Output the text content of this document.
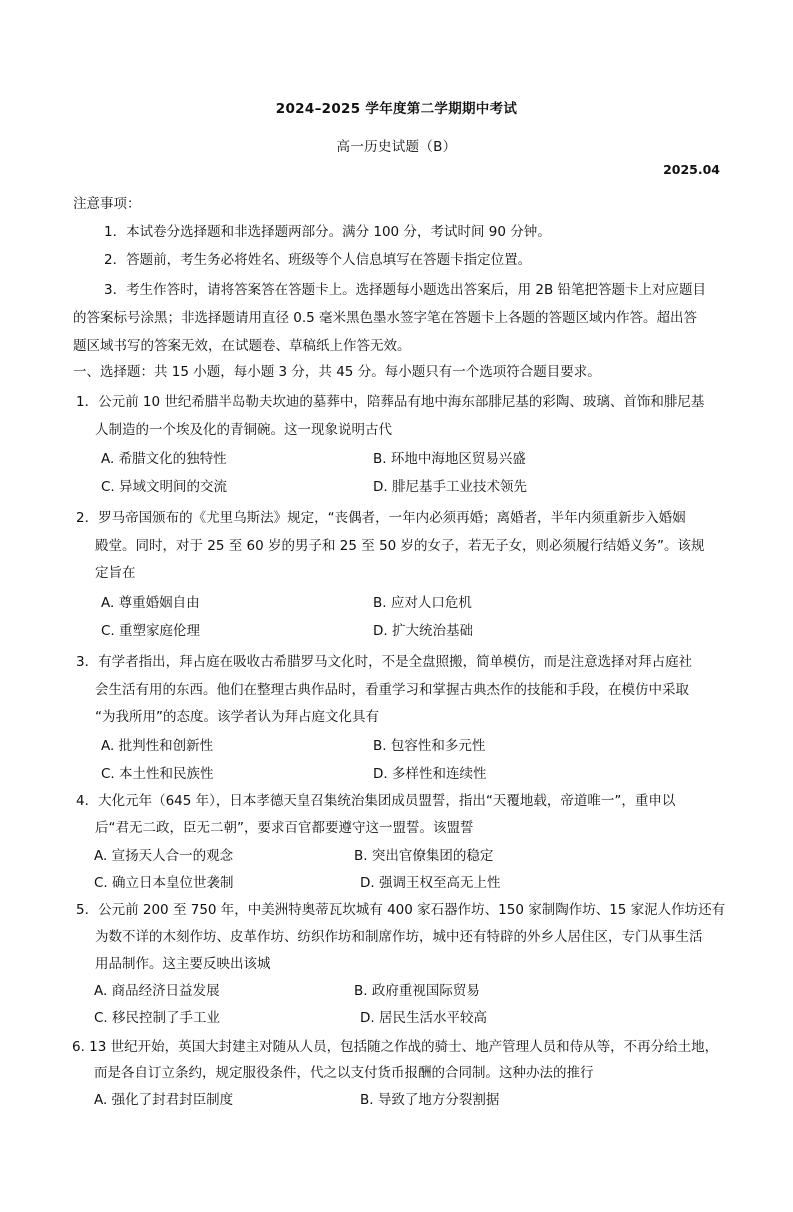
2024–2025 学年度第二学期期中考试
高一历史试题（B）
2025.04
注意事项：
1．本试卷分选择题和非选择题两部分。满分 100 分，考试时间 90 分钟。
2．答题前，考生务必将姓名、班级等个人信息填写在答题卡指定位置。
3．考生作答时，请将答案答在答题卡上。选择题每小题选出答案后，用 2B 铅笔把答题卡上对应题目
的答案标号涂黑；非选择题请用直径 0.5 毫米黑色墨水签字笔在答题卡上各题的答题区域内作答。超出答
题区域书写的答案无效，在试题卷、草稿纸上作答无效。
一、选择题：共 15 小题，每小题 3 分，共 45 分。每小题只有一个选项符合题目要求。
1．公元前 10 世纪希腊半岛勒夫坎迪的墓葬中，陪葬品有地中海东部腓尼基的彩陶、玻璃、首饰和腓尼基
人制造的一个埃及化的青铜碗。这一现象说明古代
A. 希腊文化的独特性	B. 环地中海地区贸易兴盛
C. 异域文明间的交流	D. 腓尼基手工业技术领先
2．罗马帝国颁布的《尤里乌斯法》规定，“丧偶者，一年内必须再婚；离婚者，半年内须重新步入婚姻
殿堂。同时，对于 25 至 60 岁的男子和 25 至 50 岁的女子，若无子女，则必须履行结婚义务”。该规
定旨在
A. 尊重婚姻自由	B. 应对人口危机
C. 重塑家庭伦理	D. 扩大统治基础
3．有学者指出，拜占庭在吸收古希腊罗马文化时，不是全盘照搬，简单模仿，而是注意选择对拜占庭社
会生活有用的东西。他们在整理古典作品时，看重学习和掌握古典杰作的技能和手段，在模仿中采取
“为我所用”的态度。该学者认为拜占庭文化具有
A. 批判性和创新性	B. 包容性和多元性
C. 本土性和民族性	D. 多样性和连续性
4．大化元年（645 年），日本孝德天皇召集统治集团成员盟誓，指出“天覆地载，帝道唯一”，重申以
后“君无二政，臣无二朝”，要求百官都要遵守这一盟誓。该盟誓
A. 宣扬天人合一的观念	B. 突出官僚集团的稳定
C. 确立日本皇位世袭制	D. 强调王权至高无上性
5．公元前 200 至 750 年，中美洲特奥蒂瓦坎城有 400 家石器作坊、150 家制陶作坊、15 家泥人作坊还有
为数不详的木刻作坊、皮革作坊、纺织作坊和制席作坊，城中还有特辟的外乡人居住区，专门从事生活
用品制作。这主要反映出该城
A. 商品经济日益发展	B. 政府重视国际贸易
C. 移民控制了手工业	D. 居民生活水平较高
6. 13 世纪开始，英国大封建主对随从人员，包括随之作战的骑士、地产管理人员和侍从等，不再分给土地，
而是各自订立条约，规定服役条件，代之以支付货币报酬的合同制。这种办法的推行
A. 强化了封君封臣制度	B. 导致了地方分裂割据
